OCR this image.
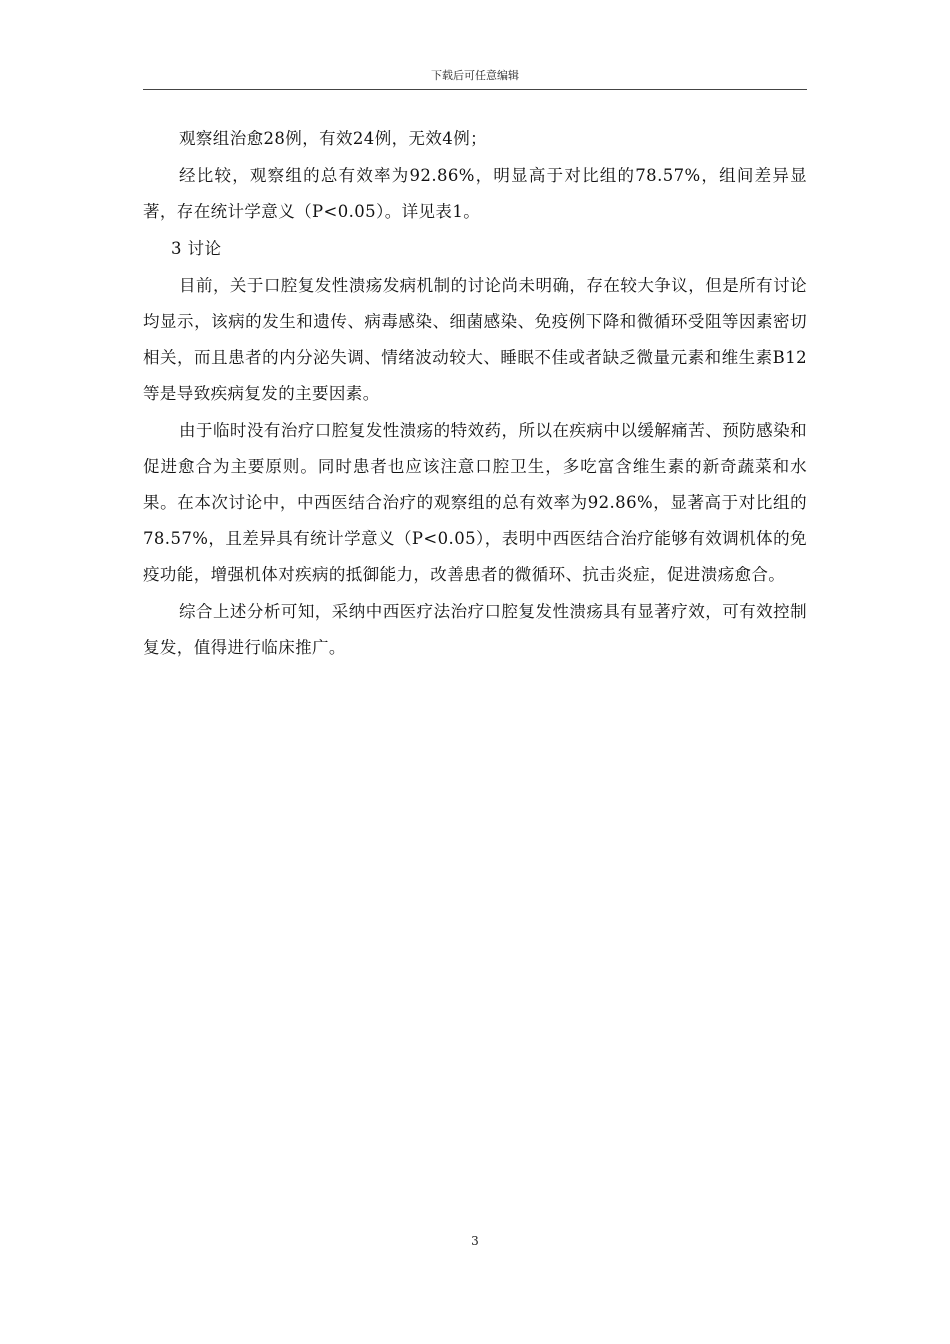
下载后可任意编辑

观察组治愈28例，有效24例，无效4例；

经比较，观察组的总有效率为92.86%，明显高于对比组的78.57%，组间差异显著，存在统计学意义（P<0.05）。详见表1。

3 讨论

目前，关于口腔复发性溃疡发病机制的讨论尚未明确，存在较大争议，但是所有讨论均显示，该病的发生和遗传、病毒感染、细菌感染、免疫例下降和微循环受阻等因素密切相关，而且患者的内分泌失调、情绪波动较大、睡眠不佳或者缺乏微量元素和维生素B12等是导致疾病复发的主要因素。

由于临时没有治疗口腔复发性溃疡的特效药，所以在疾病中以缓解痛苦、预防感染和促进愈合为主要原则。同时患者也应该注意口腔卫生，多吃富含维生素的新奇蔬菜和水果。在本次讨论中，中西医结合治疗的观察组的总有效率为92.86%，显著高于对比组的78.57%，且差异具有统计学意义（P<0.05），表明中西医结合治疗能够有效调机体的免疫功能，增强机体对疾病的抵御能力，改善患者的微循环、抗击炎症，促进溃疡愈合。

综合上述分析可知，采纳中西医疗法治疗口腔复发性溃疡具有显著疗效，可有效控制复发，值得进行临床推广。

3
